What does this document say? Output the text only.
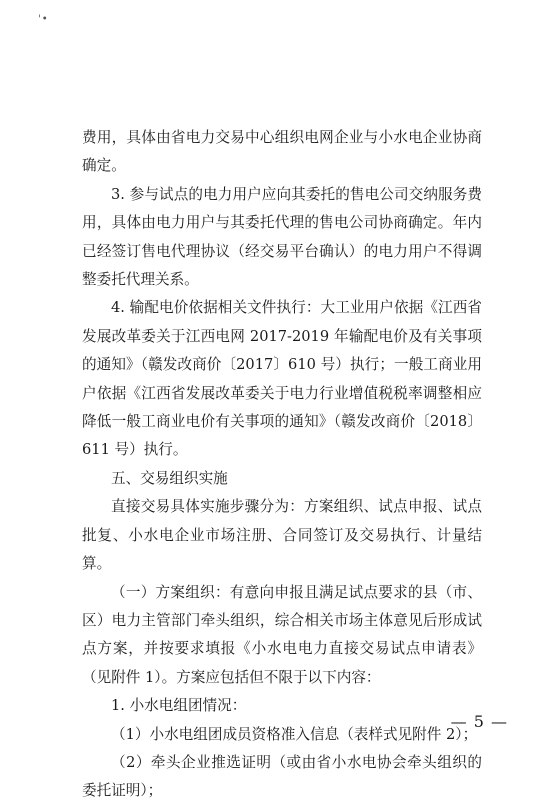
'•

费用，具体由省电力交易中心组织电网企业与小水电企业协商确定。

3. 参与试点的电力用户应向其委托的售电公司交纳服务费用，具体由电力用户与其委托代理的售电公司协商确定。年内已经签订售电代理协议（经交易平台确认）的电力用户不得调整委托代理关系。

4. 输配电价依据相关文件执行：大工业用户依据《江西省发展改革委关于江西电网 2017-2019 年输配电价及有关事项的通知》（赣发改商价〔2017〕610 号）执行；一般工商业用户依据《江西省发展改革委关于电力行业增值税税率调整相应降低一般工商业电价有关事项的通知》（赣发改商价〔2018〕611 号）执行。

五、交易组织实施

直接交易具体实施步骤分为：方案组织、试点申报、试点批复、小水电企业市场注册、合同签订及交易执行、计量结算。

（一）方案组织：有意向申报且满足试点要求的县（市、区）电力主管部门牵头组织，综合相关市场主体意见后形成试点方案，并按要求填报《小水电电力直接交易试点申请表》（见附件 1）。方案应包括但不限于以下内容：

1. 小水电组团情况：

（1）小水电组团成员资格准入信息（表样式见附件 2）；

（2）牵头企业推选证明（或由省小水电协会牵头组织的委托证明）；

— 5 —
